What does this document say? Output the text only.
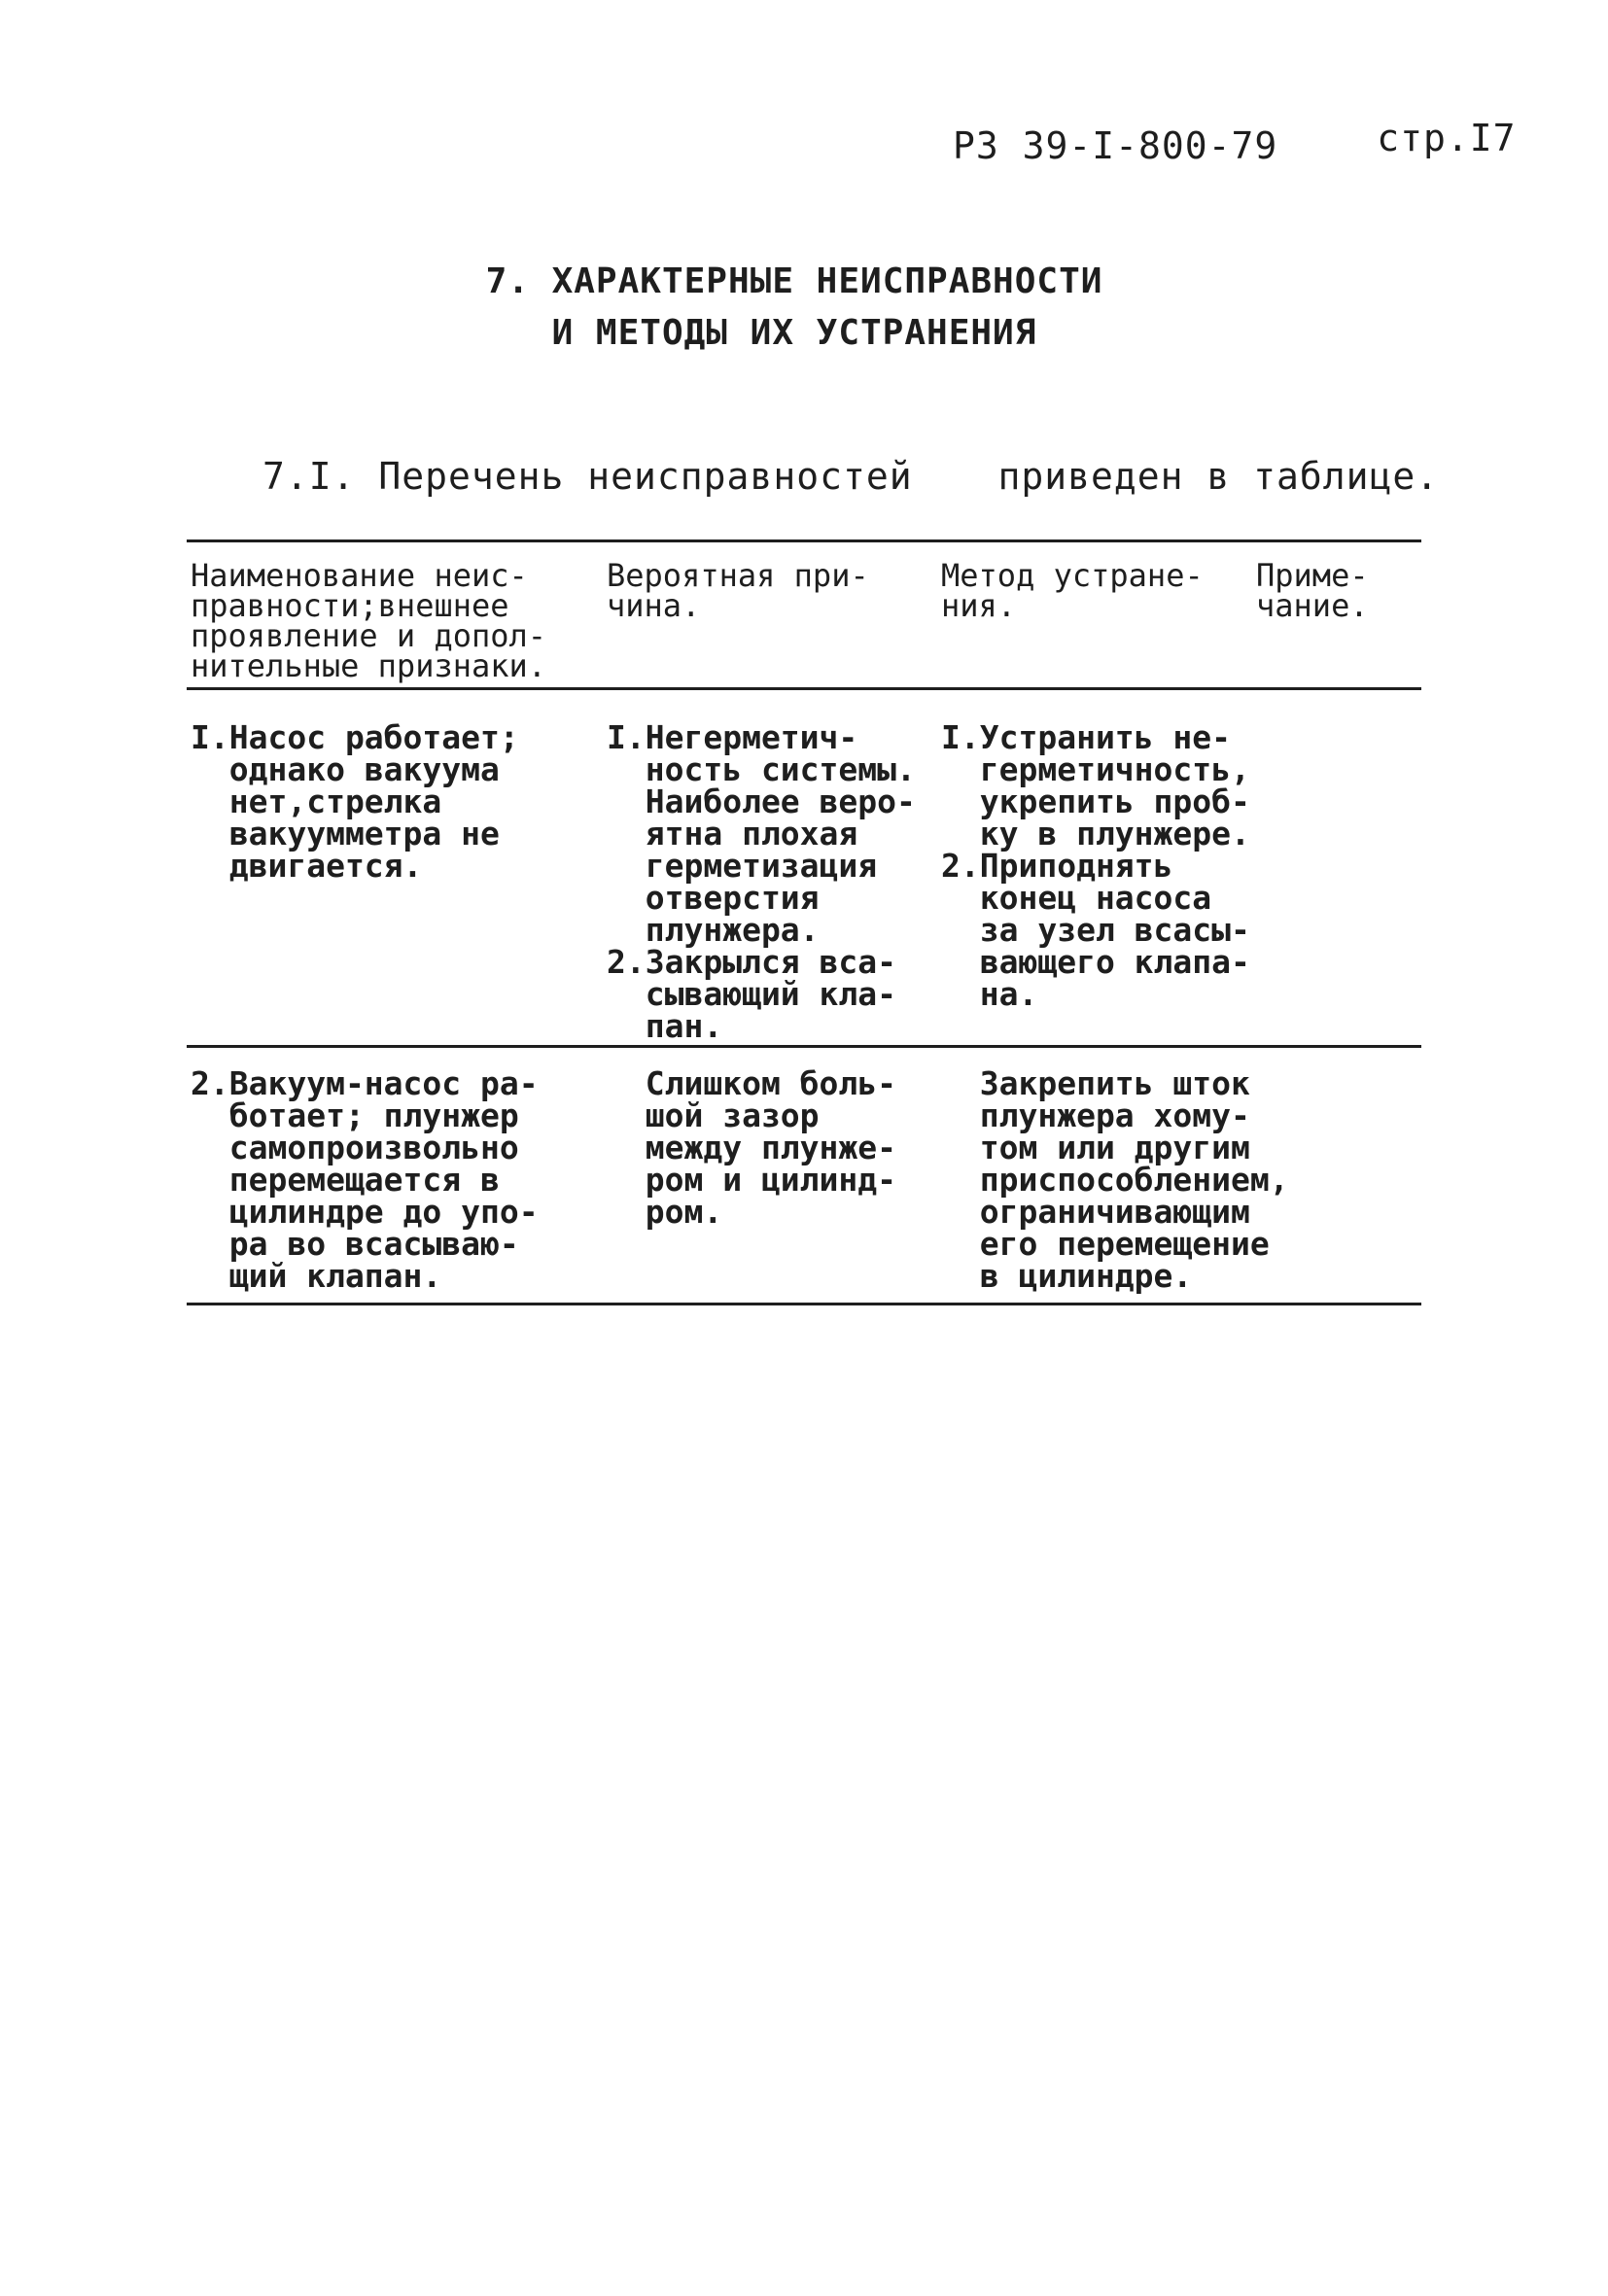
РЗ 39-I-800-79	стр.I7
7. ХАРАКТЕРНЫЕ НЕИСПРАВНОСТИ
И МЕТОДЫ ИХ УСТРАНЕНИЯ
7.I. Перечень неисправностей приведен в таблице.
Наименование неис-
правности;внешнее
проявление и допол-
нительные признаки.
Вероятная при-
чина.
Метод устране-
ния.
Приме-
чание.
I.Насос работает;
однако вакуума
нет,стрелка
вакуумметра не
двигается.
I.Негерметич-
ность системы.
Наиболее веро-
ятна плохая
герметизация
отверстия
плунжера.
2.Закрылся вса-
сывающий кла-
пан.
I.Устранить не-
герметичность,
укрепить проб-
ку в плунжере.
2.Приподнять
конец насоса
за узел всасы-
вающего клапа-
на.
2.Вакуум-насос ра-
ботает; плунжер
самопроизвольно
перемещается в
цилиндре до упо-
ра во всасываю-
щий клапан.
Слишком боль-
шой зазор
между плунже-
ром и цилинд-
ром.
Закрепить шток
плунжера хому-
том или другим
приспособлением,
ограничивающим
его перемещение
в цилиндре.
